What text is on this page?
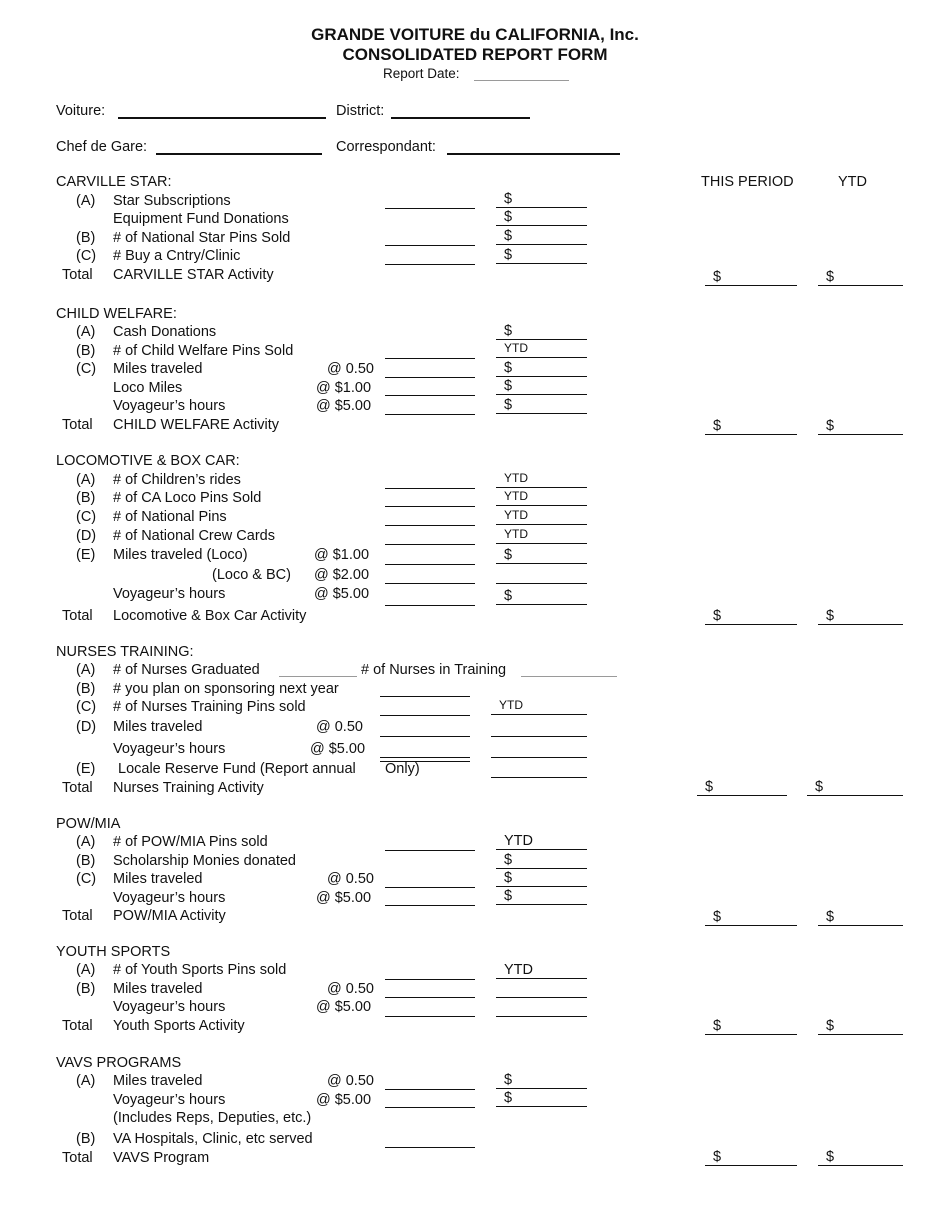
GRANDE VOITURE du CALIFORNIA, Inc.
CONSOLIDATED REPORT FORM
Report Date:
Voiture:	District:
Chef de Gare:	Correspondant:
THIS PERIOD	YTD
CARVILLE STAR:
(A) Star Subscriptions	$
Equipment Fund Donations	$
(B) # of National Star Pins Sold	$
(C) # Buy a Cntry/Clinic	$
Total CARVILLE STAR Activity	$	$
CHILD WELFARE:
(A) Cash Donations	$
(B) # of Child Welfare Pins Sold	YTD
(C) Miles traveled	@ 0.50	$
Loco Miles	@ $1.00	$
Voyageur’s hours	@ $5.00	$
Total CHILD WELFARE Activity	$	$
LOCOMOTIVE & BOX CAR:
(A) # of Children’s rides	YTD
(B) # of CA Loco Pins Sold	YTD
(C) # of National Pins	YTD
(D) # of National Crew Cards	YTD
(E) Miles traveled (Loco)	@ $1.00	$
(Loco & BC) @ $2.00
Voyageur’s hours	@ $5.00	$
Total Locomotive & Box Car Activity	$	$
NURSES TRAINING:
(A) # of Nurses Graduated	# of Nurses in Training
(B) # you plan on sponsoring next year
(C) # of Nurses Training Pins sold	YTD
(D) Miles traveled	@ 0.50
Voyageur’s hours	@ $5.00
(E) Locale Reserve Fund (Report annual Only)
Total Nurses Training Activity	$	$
POW/MIA
(A) # of POW/MIA Pins sold	YTD
(B) Scholarship Monies donated	$
(C) Miles traveled	@ 0.50	$
Voyageur’s hours	@ $5.00	$
Total POW/MIA Activity	$	$
YOUTH SPORTS
(A) # of Youth Sports Pins sold	YTD
(B) Miles traveled	@ 0.50
Voyageur’s hours	@ $5.00
Total Youth Sports Activity	$	$
VAVS PROGRAMS
(A) Miles traveled	@ 0.50	$
Voyageur’s hours	@ $5.00	$
(Includes Reps, Deputies, etc.)
(B) VA Hospitals, Clinic, etc served
Total VAVS Program	$	$
